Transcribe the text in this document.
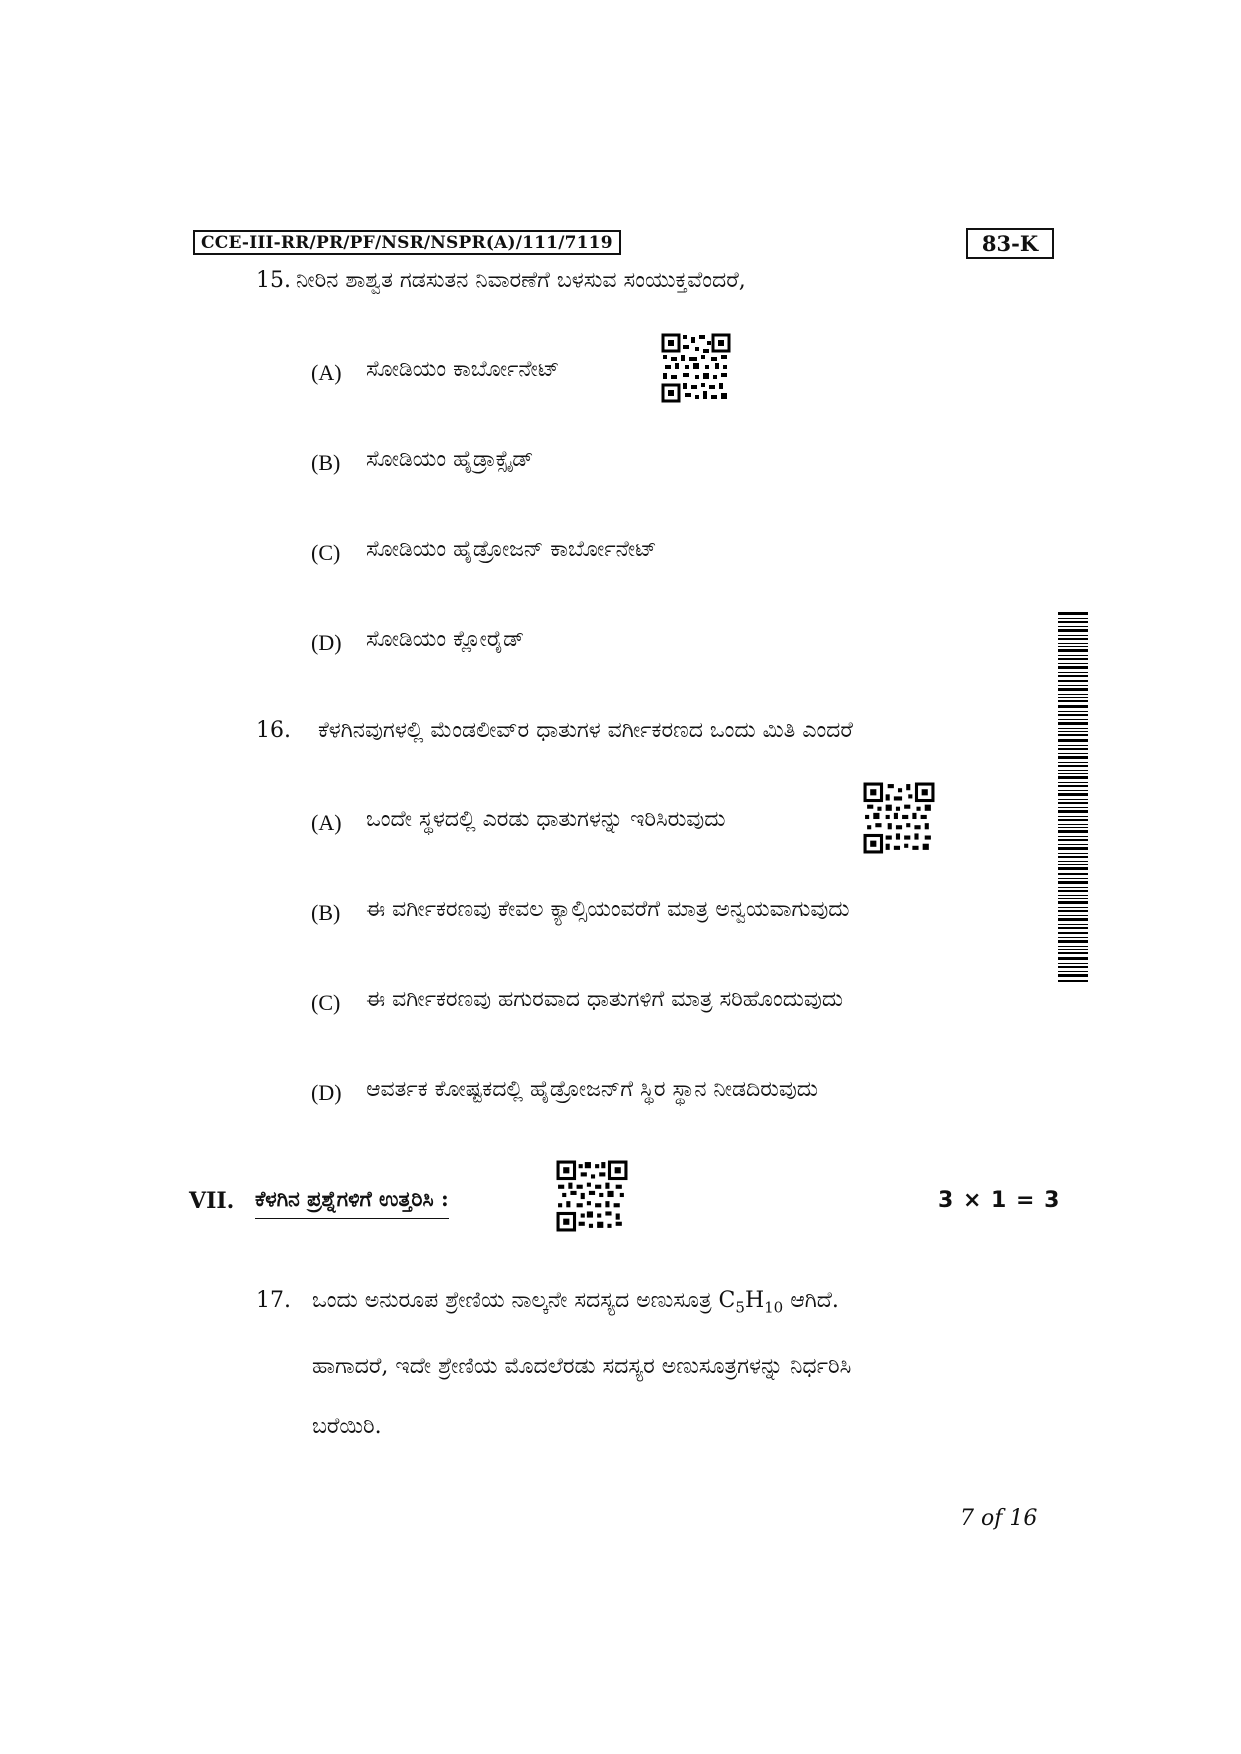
CCE-III-RR/PR/PF/NSR/NSPR(A)/111/7119	83-K
15. ನೀರಿನ ಶಾಶ್ವತ ಗಡಸುತನ ನಿವಾರಣೆಗೆ ಬಳಸುವ ಸಂಯುಕ್ತವೆಂದರೆ,
(A) ಸೋಡಿಯಂ ಕಾರ್ಬೋನೇಟ್
(B) ಸೋಡಿಯಂ ಹೈಡ್ರಾಕ್ಸೈಡ್
(C) ಸೋಡಿಯಂ ಹೈಡ್ರೋಜನ್ ಕಾರ್ಬೋನೇಟ್
(D) ಸೋಡಿಯಂ ಕ್ಲೋರೈಡ್
16. ಕೆಳಗಿನವುಗಳಲ್ಲಿ ಮೆಂಡಲೀವ್‌ರ ಧಾತುಗಳ ವರ್ಗೀಕರಣದ ಒಂದು ಮಿತಿ ಎಂದರೆ
(A) ಒಂದೇ ಸ್ಥಳದಲ್ಲಿ ಎರಡು ಧಾತುಗಳನ್ನು ಇರಿಸಿರುವುದು
(B) ಈ ವರ್ಗೀಕರಣವು ಕೇವಲ ಕ್ಯಾಲ್ಸಿಯಂವರೆಗೆ ಮಾತ್ರ ಅನ್ವಯವಾಗುವುದು
(C) ಈ ವರ್ಗೀಕರಣವು ಹಗುರವಾದ ಧಾತುಗಳಿಗೆ ಮಾತ್ರ ಸರಿಹೊಂದುವುದು
(D) ಆವರ್ತಕ ಕೋಷ್ಟಕದಲ್ಲಿ ಹೈಡ್ರೋಜನ್‌ಗೆ ಸ್ಥಿರ ಸ್ಥಾನ ನೀಡದಿರುವುದು
VII. ಕೆಳಗಿನ ಪ್ರಶ್ನೆಗಳಿಗೆ ಉತ್ತರಿಸಿ :	3 × 1 = 3
17. ಒಂದು ಅನುರೂಪ ಶ್ರೇಣಿಯ ನಾಲ್ಕನೇ ಸದಸ್ಯದ ಅಣುಸೂತ್ರ $C_5H_{10}$ ಆಗಿದೆ.
ಹಾಗಾದರೆ, ಇದೇ ಶ್ರೇಣಿಯ ಮೊದಲೆರಡು ಸದಸ್ಯರ ಅಣುಸೂತ್ರಗಳನ್ನು ನಿರ್ಧರಿಸಿ
ಬರೆಯಿರಿ.
7 of 16
